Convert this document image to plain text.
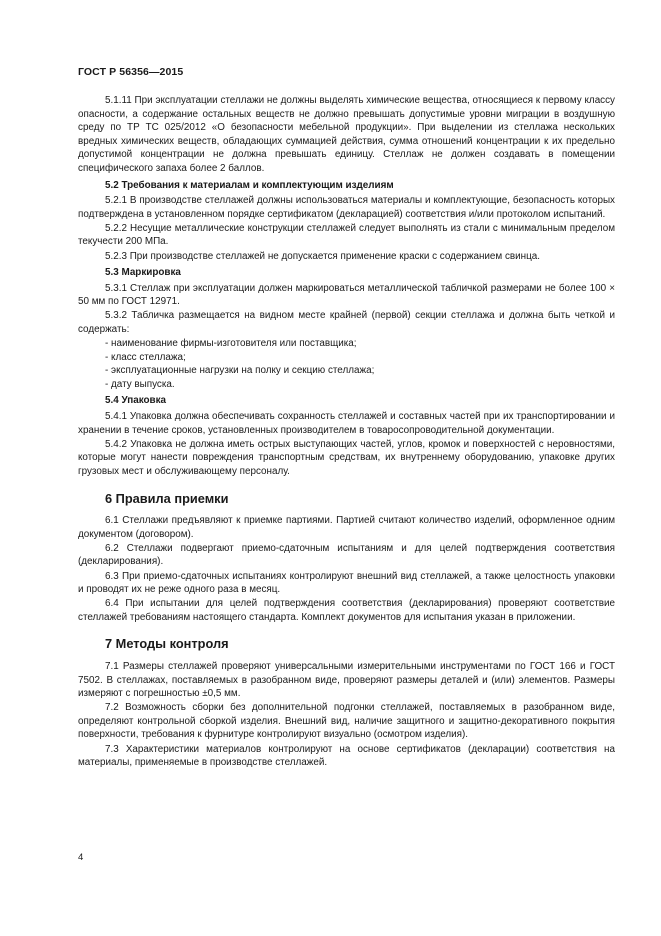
ГОСТ Р 56356—2015

5.1.11 При эксплуатации стеллажи не должны выделять химические вещества, относящиеся к первому классу опасности, а содержание остальных веществ не должно превышать допустимые уровни миграции в воздушную среду по ТР ТС 025/2012 «О безопасности мебельной продукции». При выделении из стеллажа нескольких вредных химических веществ, обладающих суммацией действия, сумма отношений концентрации к их предельно допустимой концентрации не должна превышать единицу. Стеллаж не должен создавать в помещении специфического запаха более 2 баллов.

5.2 Требования к материалам и комплектующим изделиям

5.2.1 В производстве стеллажей должны использоваться материалы и комплектующие, безопасность которых подтверждена в установленном порядке сертификатом (декларацией) соответствия и/или протоколом испытаний.

5.2.2 Несущие металлические конструкции стеллажей следует выполнять из стали с минимальным пределом текучести 200 МПа.

5.2.3 При производстве стеллажей не допускается применение краски с содержанием свинца.

5.3 Маркировка

5.3.1 Стеллаж при эксплуатации должен маркироваться металлической табличкой размерами не более 100 × 50 мм по ГОСТ 12971.

5.3.2 Табличка размещается на видном месте крайней (первой) секции стеллажа и должна быть четкой и содержать:

- наименование фирмы-изготовителя или поставщика;
- класс стеллажа;
- эксплуатационные нагрузки на полку и секцию стеллажа;
- дату выпуска.
5.4 Упаковка

5.4.1 Упаковка должна обеспечивать сохранность стеллажей и составных частей при их транспортировании и хранении в течение сроков, установленных производителем в товаросопроводительной документации.

5.4.2 Упаковка не должна иметь острых выступающих частей, углов, кромок и поверхностей с неровностями, которые могут нанести повреждения транспортным средствам, их внутреннему оборудованию, упаковке других грузовых мест и обслуживающему персоналу.

6 Правила приемки

6.1 Стеллажи предъявляют к приемке партиями. Партией считают количество изделий, оформленное одним документом (договором).

6.2 Стеллажи подвергают приемо-сдаточным испытаниям и для целей подтверждения соответствия (декларирования).

6.3 При приемо-сдаточных испытаниях контролируют внешний вид стеллажей, а также целостность упаковки и проводят их не реже одного раза в месяц.

6.4 При испытании для целей подтверждения соответствия (декларирования) проверяют соответствие стеллажей требованиям настоящего стандарта. Комплект документов для испытания указан в приложении.

7 Методы контроля

7.1 Размеры стеллажей проверяют универсальными измерительными инструментами по ГОСТ 166 и ГОСТ 7502. В стеллажах, поставляемых в разобранном виде, проверяют размеры деталей и (или) элементов. Размеры измеряют с погрешностью ±0,5 мм.

7.2 Возможность сборки без дополнительной подгонки стеллажей, поставляемых в разобранном виде, определяют контрольной сборкой изделия. Внешний вид, наличие защитного и защитно-декоративного покрытия поверхности, требования к фурнитуре контролируют визуально (осмотром изделия).

7.3 Характеристики материалов контролируют на основе сертификатов (декларации) соответствия на материалы, применяемые в производстве стеллажей.

4
